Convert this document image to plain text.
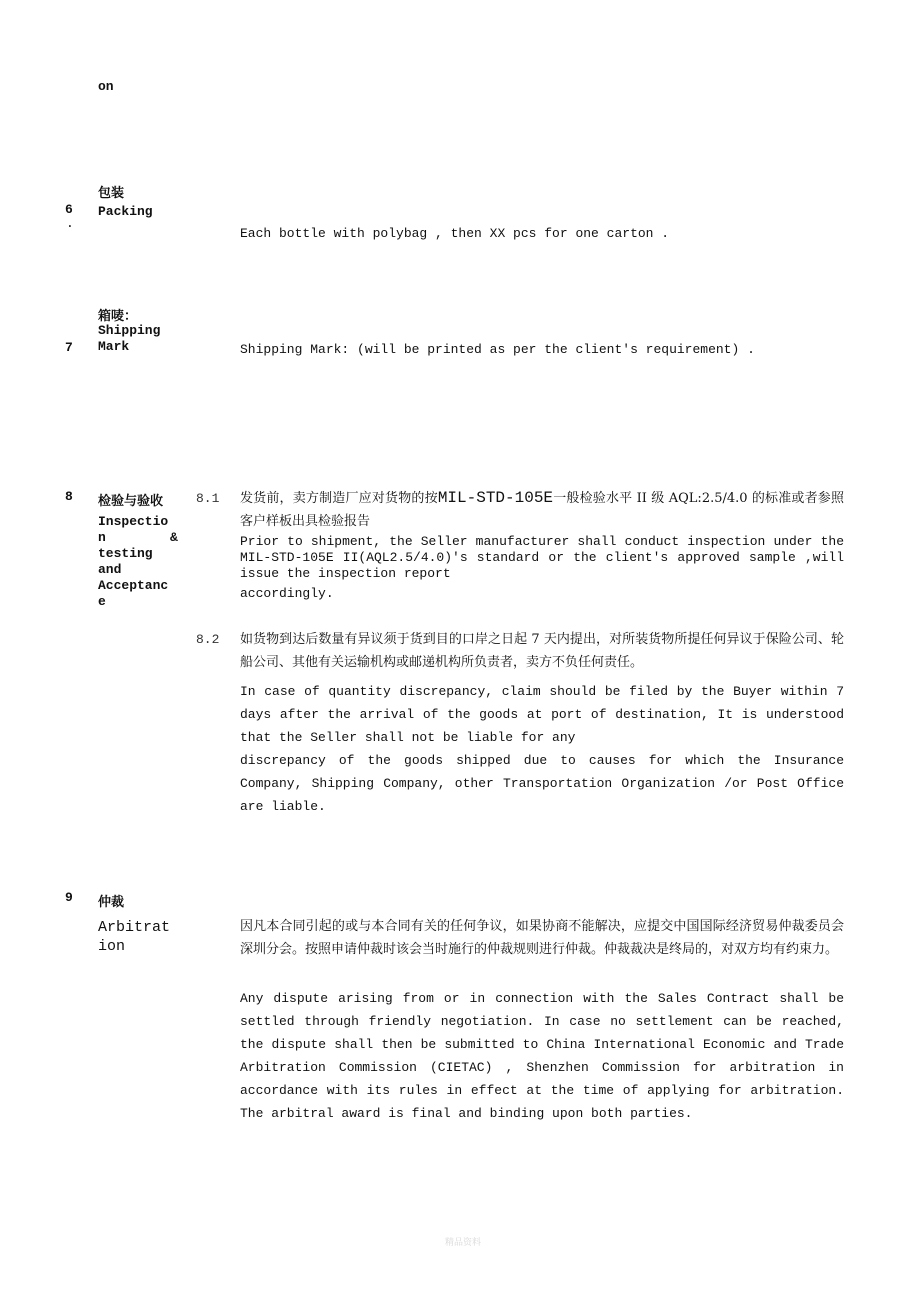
on
包装
6
.
Packing
Each bottle with polybag , then XX pcs for one carton .
箱唛：
Shipping
7 Mark	Shipping Mark: (will be printed as per the client's requirement) .
8 检验与验收
Inspectio
n	&
testing
and
Acceptanc
e
8.1 发货前，卖方制造厂应对货物的按MIL-STD-105E一般检验水平 II 级 AQL:2.5/4.0 的标准或者参照客户样板出具检验报告
Prior to shipment, the Seller manufacturer shall conduct inspection under the MIL-STD-105E II(AQL2.5/4.0)'s standard or the client's approved sample ,will issue the inspection report
accordingly.
8.2 如货物到达后数量有异议须于货到目的口岸之日起 7 天内提出，对所装货物所提任何异议于保险公司、轮船公司、其他有关运输机构或邮递机构所负责者，卖方不负任何责任。
In case of quantity discrepancy, claim should be filed by the Buyer within 7 days after the arrival of the goods at port of destination, It is understood that the Seller shall not be liable for any
discrepancy of the goods shipped due to causes for which the Insurance Company, Shipping Company, other Transportation Organization /or Post Office are liable.
9 仲裁
Arbitrat
ion
因凡本合同引起的或与本合同有关的任何争议，如果协商不能解决，应提交中国国际经济贸易仲裁委员会深圳分会。按照申请仲裁时该会当时施行的仲裁规则进行仲裁。仲裁裁决是终局的，对双方均有约束力。
Any dispute arising from or in connection with the Sales Contract shall be settled through friendly negotiation. In case no settlement can be reached, the dispute shall then be submitted to China International Economic and Trade Arbitration Commission (CIETAC) , Shenzhen Commission for arbitration in accordance with its rules in effect at the time of applying for arbitration. The arbitral award is final and binding upon both parties.
精品资料
